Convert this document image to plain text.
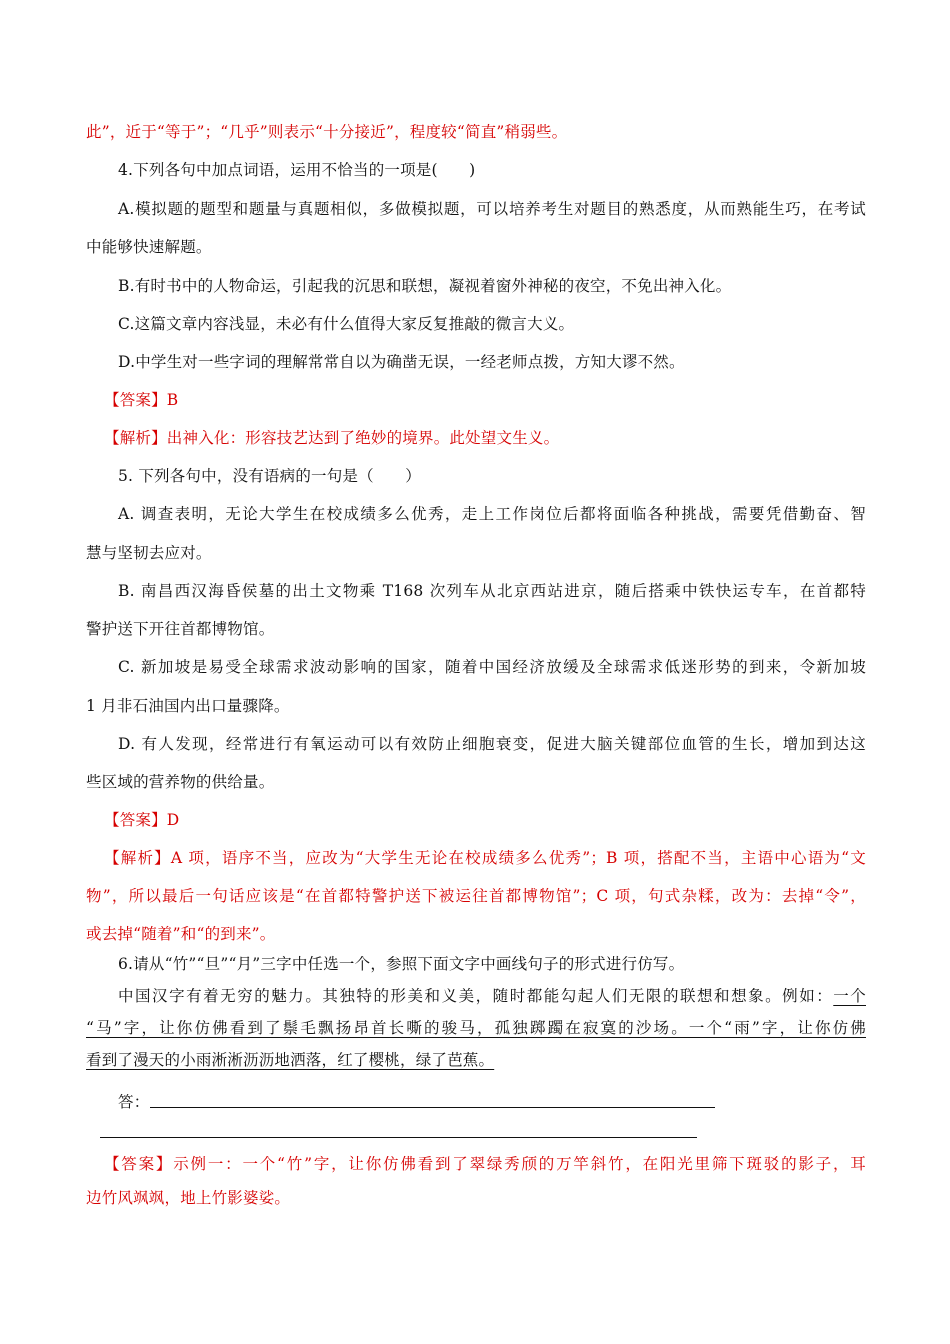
此”，近于“等于”；“几乎”则表示“十分接近”，程度较“简直”稍弱些。
4.下列各句中加点词语，运用不恰当的一项是(　　)
A.模拟题的题型和题量与真题相似，多做模拟题，可以培养考生对题目的熟悉度，从而熟能生巧，在考试
中能够快速解题。
B.有时书中的人物命运，引起我的沉思和联想，凝视着窗外神秘的夜空，不免出神入化。
C.这篇文章内容浅显，未必有什么值得大家反复推敲的微言大义。
D.中学生对一些字词的理解常常自以为确凿无误，一经老师点拨，方知大谬不然。
【答案】B
【解析】出神入化：形容技艺达到了绝妙的境界。此处望文生义。
5. 下列各句中，没有语病的一句是（　　）
A. 调查表明，无论大学生在校成绩多么优秀，走上工作岗位后都将面临各种挑战，需要凭借勤奋、智
慧与坚韧去应对。
B. 南昌西汉海昏侯墓的出土文物乘 T168 次列车从北京西站进京，随后搭乘中铁快运专车，在首都特
警护送下开往首都博物馆。
C. 新加坡是易受全球需求波动影响的国家，随着中国经济放缓及全球需求低迷形势的到来，令新加坡
1 月非石油国内出口量骤降。
D. 有人发现，经常进行有氧运动可以有效防止细胞衰变，促进大脑关键部位血管的生长，增加到达这
些区域的营养物的供给量。
【答案】D
【解析】A 项，语序不当，应改为“大学生无论在校成绩多么优秀”；B 项，搭配不当，主语中心语为“文
物”，所以最后一句话应该是“在首都特警护送下被运往首都博物馆”；C 项，句式杂糅，改为：去掉“令”，
或去掉“随着”和“的到来”。
6.请从“竹”“旦”“月”三字中任选一个，参照下面文字中画线句子的形式进行仿写。
中国汉字有着无穷的魅力。其独特的形美和义美，随时都能勾起人们无限的联想和想象。例如：一个
“马”字，让你仿佛看到了鬃毛飘扬昂首长嘶的骏马，孤独踯躅在寂寞的沙场。一个“雨”字，让你仿佛
看到了漫天的小雨淅淅沥沥地洒落，红了樱桃，绿了芭蕉。
答：
【答案】示例一：一个“竹”字，让你仿佛看到了翠绿秀颀的万竿斜竹，在阳光里筛下斑驳的影子，耳
边竹风飒飒，地上竹影婆娑。
